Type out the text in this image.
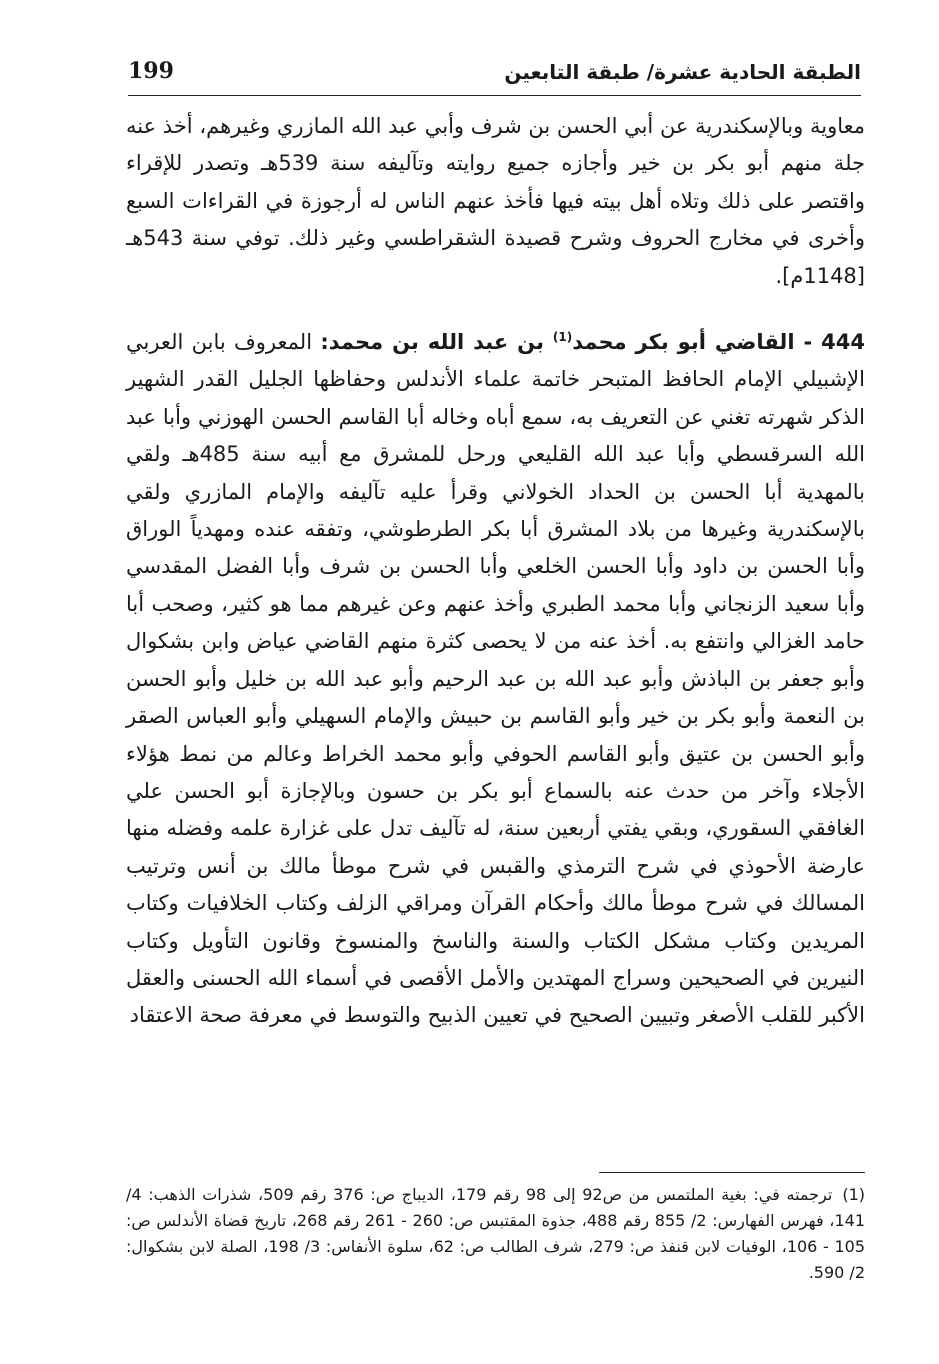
199	الطبقة الحادية عشرة/ طبقة التابعين

معاوية وبالإسكندرية عن أبي الحسن بن شرف وأبي عبد الله المازري وغيرهم، أخذ عنه جلة منهم أبو بكر بن خير وأجازه جميع روايته وتآليفه سنة 539هـ وتصدر للإقراء واقتصر على ذلك وتلاه أهل بيته فيها فأخذ عنهم الناس له أرجوزة في القراءات السبع وأخرى في مخارج الحروف وشرح قصيدة الشقراطسي وغير ذلك. توفي سنة 543هـ [1148م].

444 - القاضي أبو بكر محمد$^{(1)}$ بن عبد الله بن محمد: المعروف بابن العربي الإشبيلي الإمام الحافظ المتبحر خاتمة علماء الأندلس وحفاظها الجليل القدر الشهير الذكر شهرته تغني عن التعريف به، سمع أباه وخاله أبا القاسم الحسن الهوزني وأبا عبد الله السرقسطي وأبا عبد الله القليعي ورحل للمشرق مع أبيه سنة 485هـ ولقي بالمهدية أبا الحسن بن الحداد الخولاني وقرأ عليه تآليفه والإمام المازري ولقي بالإسكندرية وغيرها من بلاد المشرق أبا بكر الطرطوشي، وتفقه عنده ومهدياً الوراق وأبا الحسن بن داود وأبا الحسن الخلعي وأبا الحسن بن شرف وأبا الفضل المقدسي وأبا سعيد الزنجاني وأبا محمد الطبري وأخذ عنهم وعن غيرهم مما هو كثير، وصحب أبا حامد الغزالي وانتفع به. أخذ عنه من لا يحصى كثرة منهم القاضي عياض وابن بشكوال وأبو جعفر بن الباذش وأبو عبد الله بن عبد الرحيم وأبو عبد الله بن خليل وأبو الحسن بن النعمة وأبو بكر بن خير وأبو القاسم بن حبيش والإمام السهيلي وأبو العباس الصقر وأبو الحسن بن عتيق وأبو القاسم الحوفي وأبو محمد الخراط وعالم من نمط هؤلاء الأجلاء وآخر من حدث عنه بالسماع أبو بكر بن حسون وبالإجازة أبو الحسن علي الغافقي السقوري، وبقي يفتي أربعين سنة، له تآليف تدل على غزارة علمه وفضله منها عارضة الأحوذي في شرح الترمذي والقبس في شرح موطأ مالك بن أنس وترتيب المسالك في شرح موطأ مالك وأحكام القرآن ومراقي الزلف وكتاب الخلافيات وكتاب المريدين وكتاب مشكل الكتاب والسنة والناسخ والمنسوخ وقانون التأويل وكتاب النيرين في الصحيحين وسراج المهتدين والأمل الأقصى في أسماء الله الحسنى والعقل الأكبر للقلب الأصغر وتبيين الصحيح في تعيين الذبيح والتوسط في معرفة صحة الاعتقاد

(1)ترجمته في: بغية الملتمس من ص92 إلى 98 رقم 179، الديباج ص: 376 رقم 509، شذرات الذهب: 4/ 141، فهرس الفهارس: 2/ 855 رقم 488، جذوة المقتبس ص: 260 - 261 رقم 268، تاريخ قضاة الأندلس ص: 105 - 106، الوفيات لابن قنفذ ص: 279، شرف الطالب ص: 62، سلوة الأنفاس: 3/ 198، الصلة لابن بشكوال: 2/ 590.
